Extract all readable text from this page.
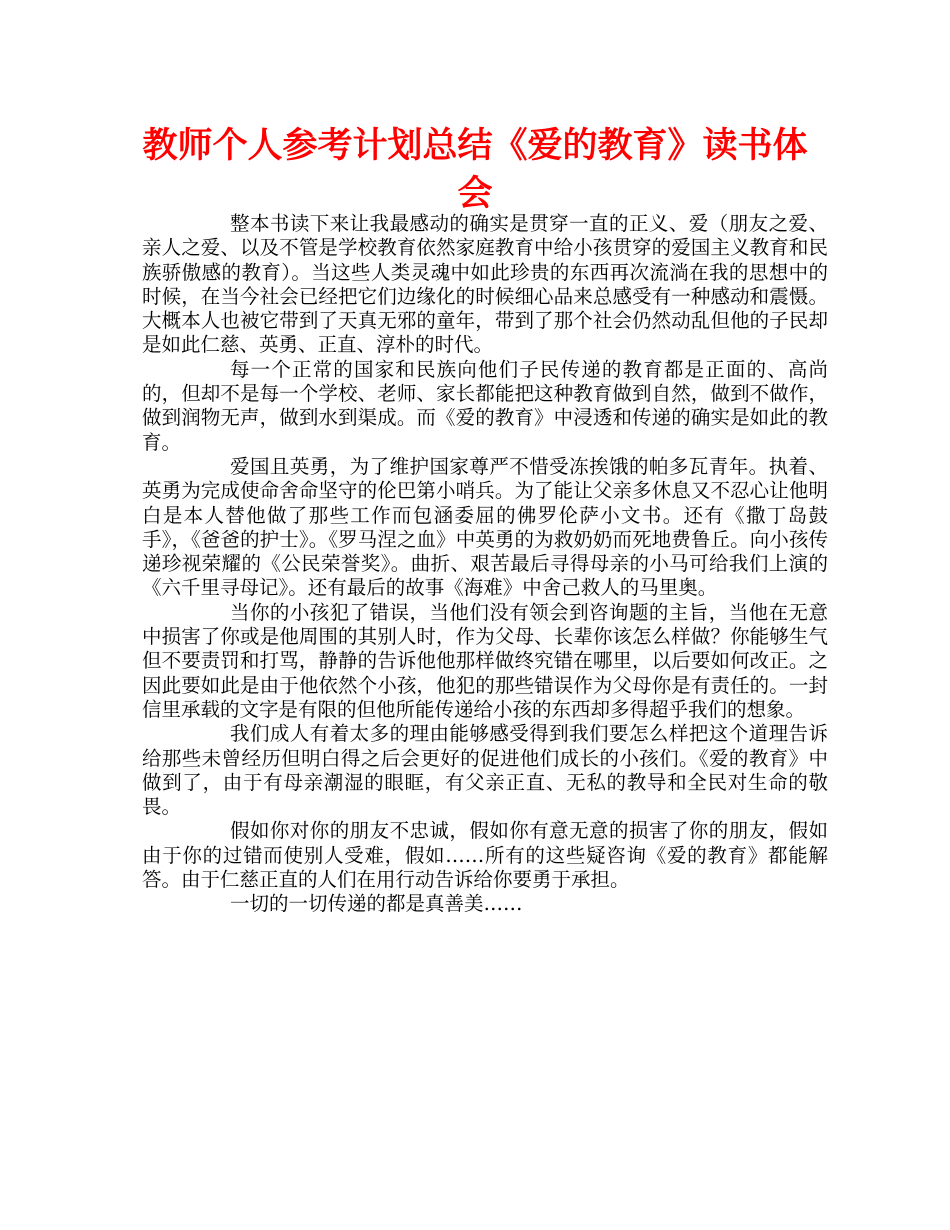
教师个人参考计划总结《爱的教育》读书体会

整本书读下来让我最感动的确实是贯穿一直的正义、爱（朋友之爱、亲人之爱、以及不管是学校教育依然家庭教育中给小孩贯穿的爱国主义教育和民族骄傲感的教育）。当这些人类灵魂中如此珍贵的东西再次流淌在我的思想中的时候，在当今社会已经把它们边缘化的时候细心品来总感受有一种感动和震慑。大概本人也被它带到了天真无邪的童年，带到了那个社会仍然动乱但他的子民却是如此仁慈、英勇、正直、淳朴的时代。

每一个正常的国家和民族向他们子民传递的教育都是正面的、高尚的，但却不是每一个学校、老师、家长都能把这种教育做到自然，做到不做作，做到润物无声，做到水到渠成。而《爱的教育》中浸透和传递的确实是如此的教育。

爱国且英勇，为了维护国家尊严不惜受冻挨饿的帕多瓦青年。执着、英勇为完成使命舍命坚守的伦巴第小哨兵。为了能让父亲多休息又不忍心让他明白是本人替他做了那些工作而包涵委屈的佛罗伦萨小文书。还有《撒丁岛鼓手》，《爸爸的护士》。《罗马涅之血》中英勇的为救奶奶而死地费鲁丘。向小孩传递珍视荣耀的《公民荣誉奖》。曲折、艰苦最后寻得母亲的小马可给我们上演的《六千里寻母记》。还有最后的故事《海难》中舍己救人的马里奥。

当你的小孩犯了错误，当他们没有领会到咨询题的主旨，当他在无意中损害了你或是他周围的其别人时，作为父母、长辈你该怎么样做？你能够生气但不要责罚和打骂，静静的告诉他他那样做终究错在哪里，以后要如何改正。之因此要如此是由于他依然个小孩，他犯的那些错误作为父母你是有责任的。一封信里承载的文字是有限的但他所能传递给小孩的东西却多得超乎我们的想象。

我们成人有着太多的理由能够感受得到我们要怎么样把这个道理告诉给那些未曾经历但明白得之后会更好的促进他们成长的小孩们。《爱的教育》中做到了，由于有母亲潮湿的眼眶，有父亲正直、无私的教导和全民对生命的敬畏。

假如你对你的朋友不忠诚，假如你有意无意的损害了你的朋友，假如由于你的过错而使别人受难，假如……所有的这些疑咨询《爱的教育》都能解答。由于仁慈正直的人们在用行动告诉给你要勇于承担。

一切的一切传递的都是真善美……
